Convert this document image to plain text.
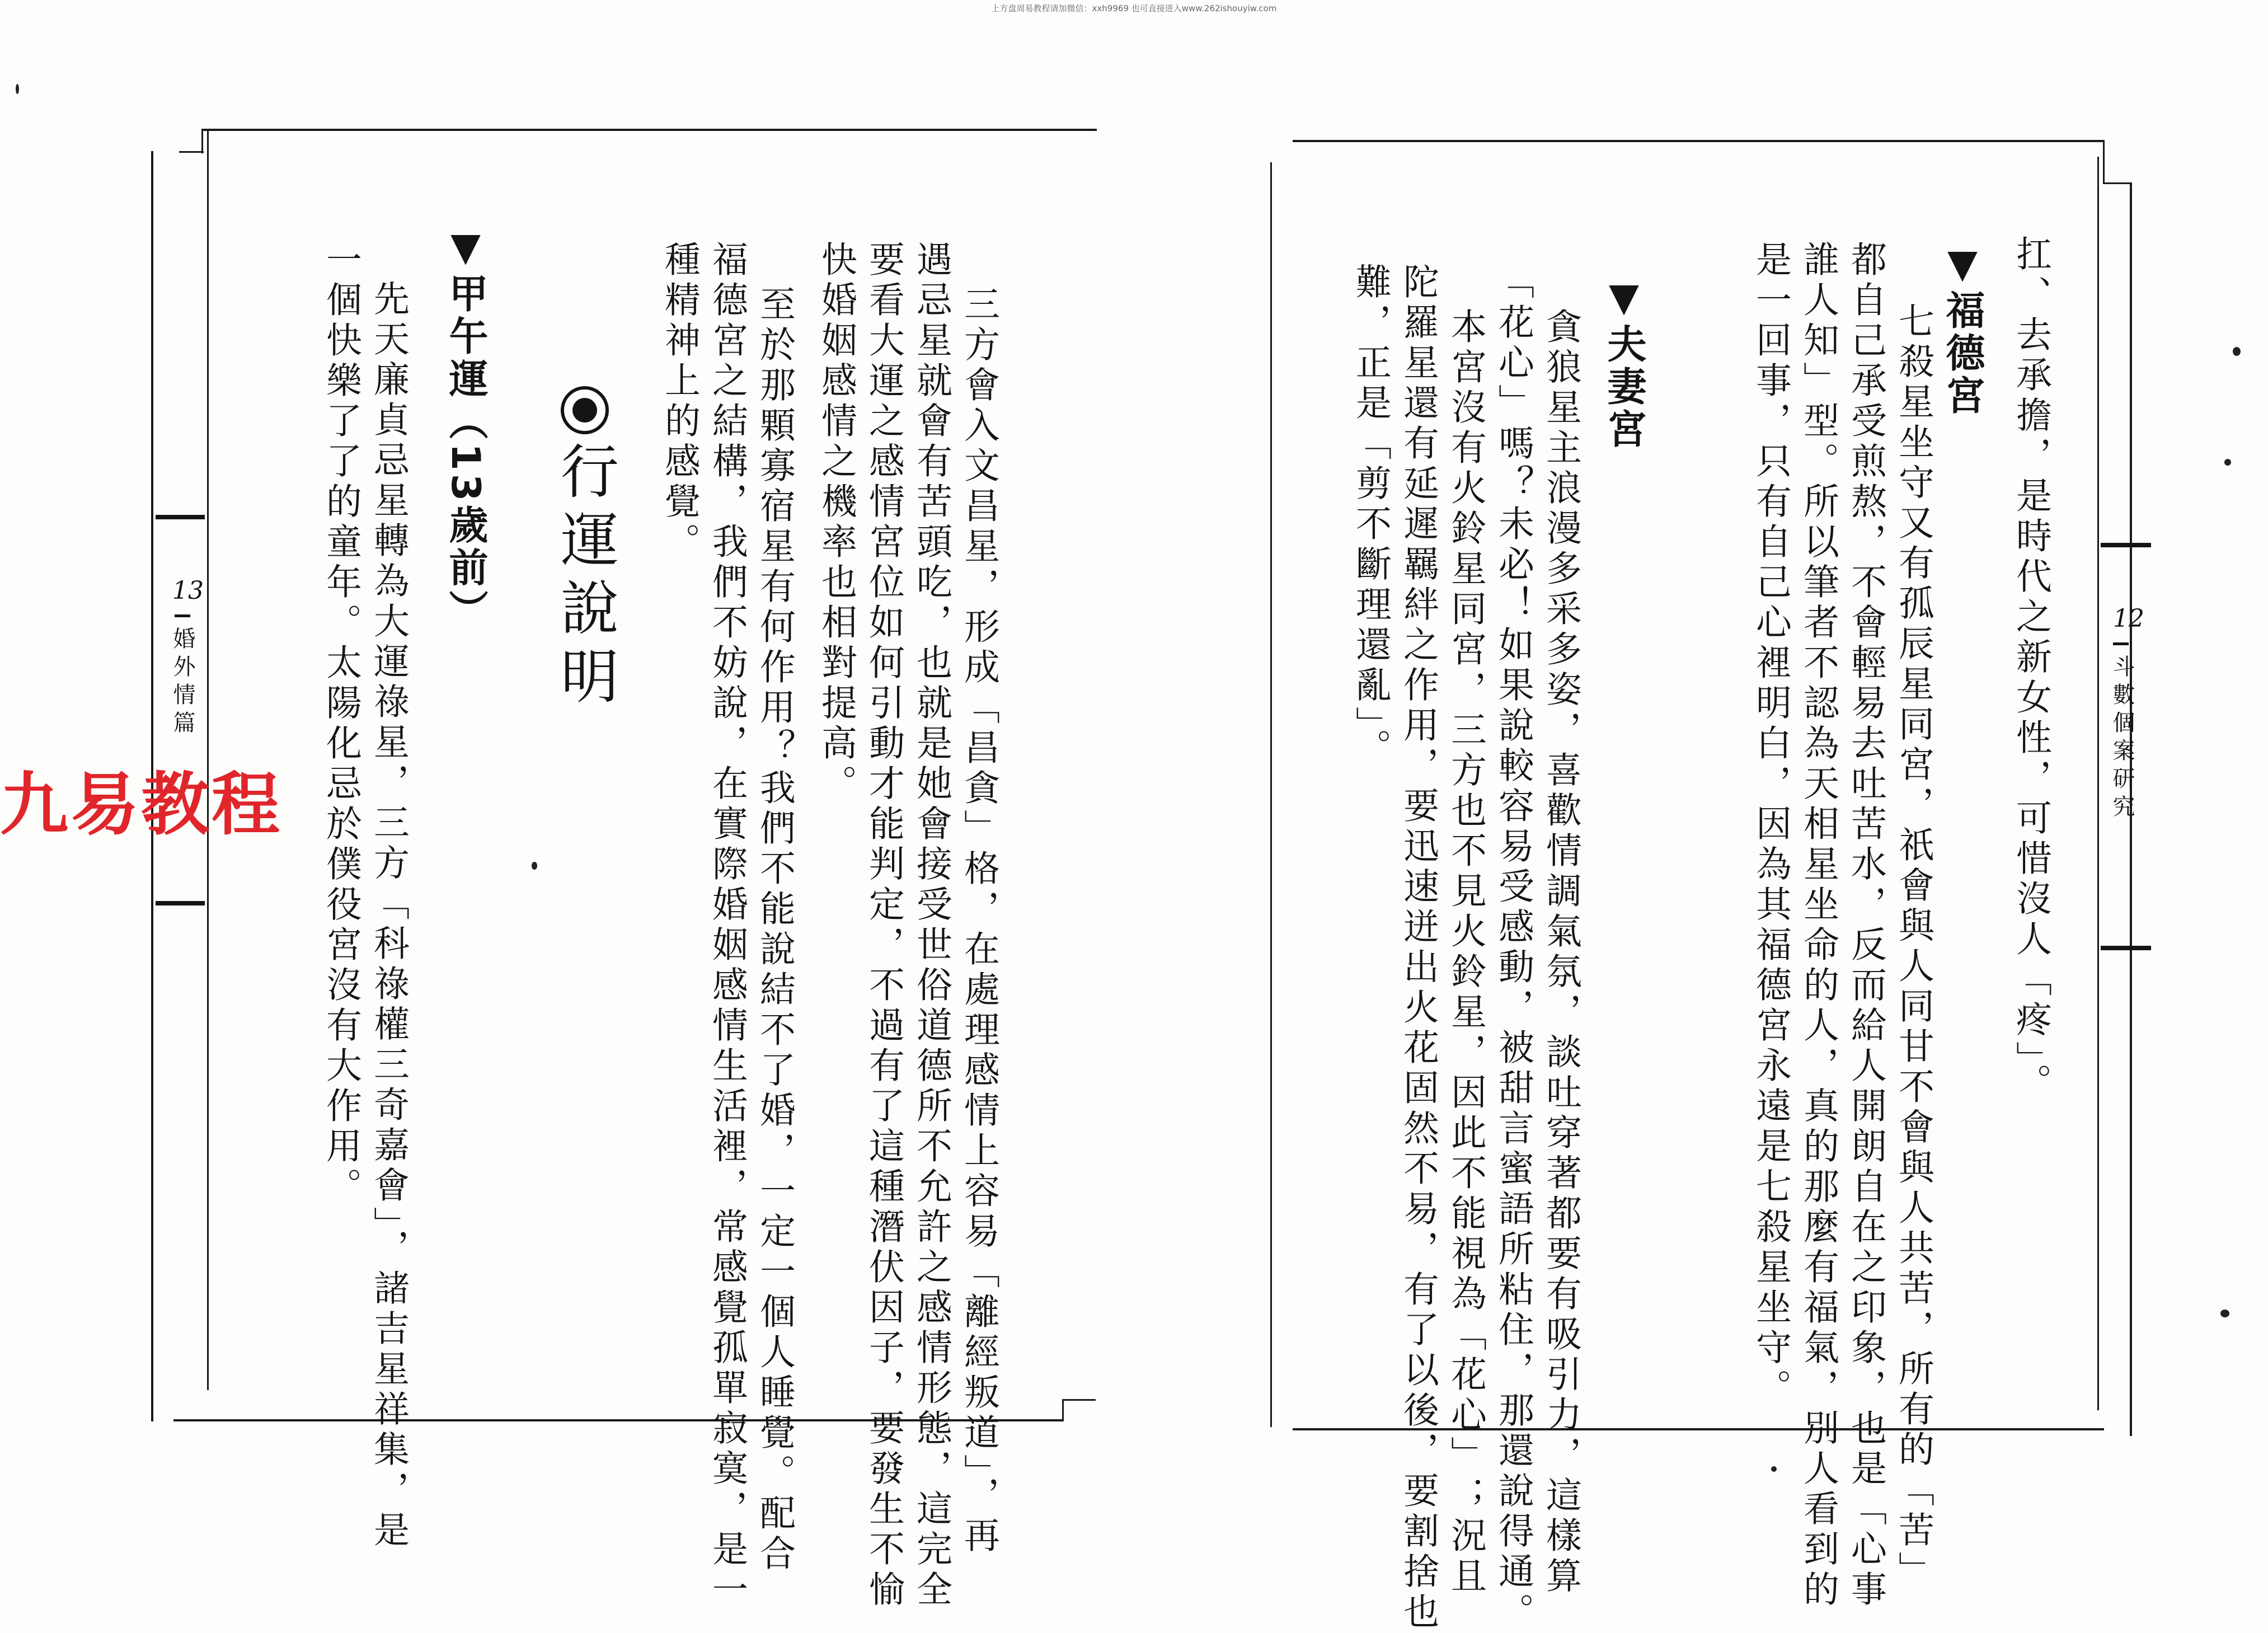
上方盘周易教程请加微信：xxh9969 也可直接进入www.262ishouyiw.com
13
婚外情篇	三方會入文昌星，形成「昌貪」格，在處理感情上容易「離經叛道」，再
遇忌星就會有苦頭吃，也就是她會接受世俗道德所不允許之感情形態，這完全
要看大運之感情宮位如何引動才能判定，不過有了這種潛伏因子，要發生不愉
快婚姻感情之機率也相對提高。
至於那顆寡宿星有何作用？我們不能說結不了婚，一定一個人睡覺。配合
福德宮之結構，我們不妨說，在實際婚姻感情生活裡，常感覺孤單寂寞，是一
種精神上的感覺。
行運說明
▼甲午運（13歲前）
先天廉貞忌星轉為大運祿星，三方「科祿權三奇嘉會」，諸吉星祥集，是
一個快樂了了的童年。太陽化忌於僕役宮沒有大作用。	12
斗數個案研究
扛、去承擔，是時代之新女性，可惜沒人「疼」。
▼福德宮
七殺星坐守又有孤辰星同宮，祇會與人同甘不會與人共苦，所有的「苦」
都自己承受煎熬，不會輕易去吐苦水，反而給人開朗自在之印象，也是「心事
誰人知」型。所以筆者不認為天相星坐命的人，真的那麼有福氣，別人看到的
是一回事，只有自己心裡明白，因為其福德宮永遠是七殺星坐守。
▼夫妻宮
貪狼星主浪漫多采多姿，喜歡情調氣氛，談吐穿著都要有吸引力，這樣算
「花心」嗎？未必！如果說較容易受感動，被甜言蜜語所粘住，那還說得通。
本宮沒有火鈴星同宮，三方也不見火鈴星，因此不能視為「花心」；況且
陀羅星還有延遲羈絆之作用，要迅速迸出火花固然不易，有了以後，要割捨也
難，正是「剪不斷理還亂」。
九易教程
